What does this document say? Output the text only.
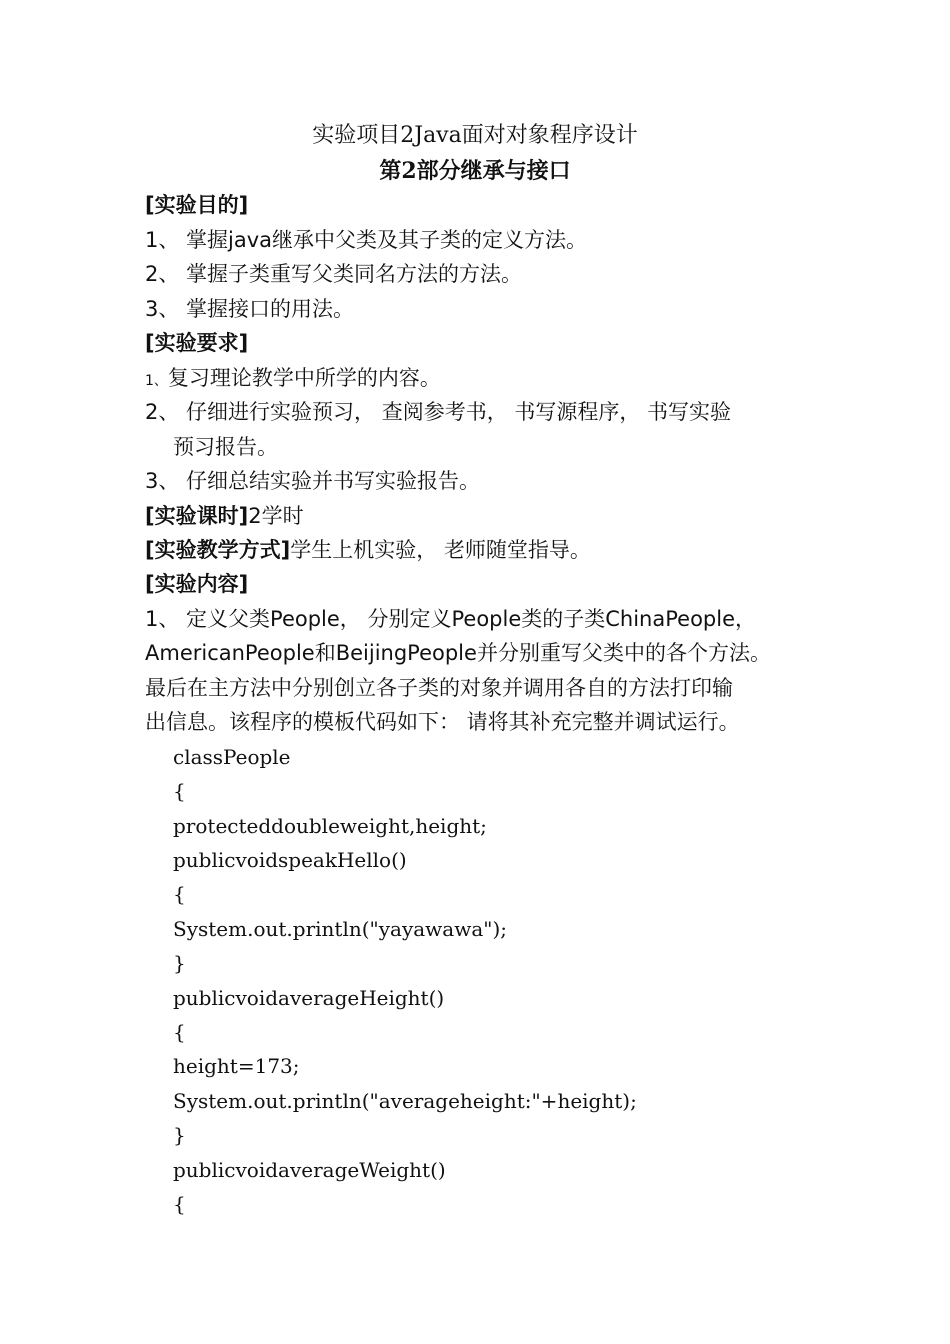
实验项目2Java面对对象程序设计
第2部分继承与接口
[实验目的]
1、 掌握java继承中父类及其子类的定义方法。
2、 掌握子类重写父类同名方法的方法。
3、 掌握接口的用法。
[实验要求]
1、复习理论教学中所学的内容。
2、 仔细进行实验预习， 查阅参考书， 书写源程序， 书写实验
预习报告。
3、 仔细总结实验并书写实验报告。
[实验课时]2学时
[实验教学方式]学生上机实验， 老师随堂指导。
[实验内容]
1、 定义父类People， 分别定义People类的子类ChinaPeople，
AmericanPeople和BeijingPeople并分别重写父类中的各个方法。
最后在主方法中分别创立各子类的对象并调用各自的方法打印输
出信息。该程序的模板代码如下： 请将其补充完整并调试运行。
classPeople
{
protecteddoubleweight,height;
publicvoidspeakHello()
{
System.out.println("yayawawa");
}
publicvoidaverageHeight()
{
height=173;
System.out.println("averageheight:"+height);
}
publicvoidaverageWeight()
{
